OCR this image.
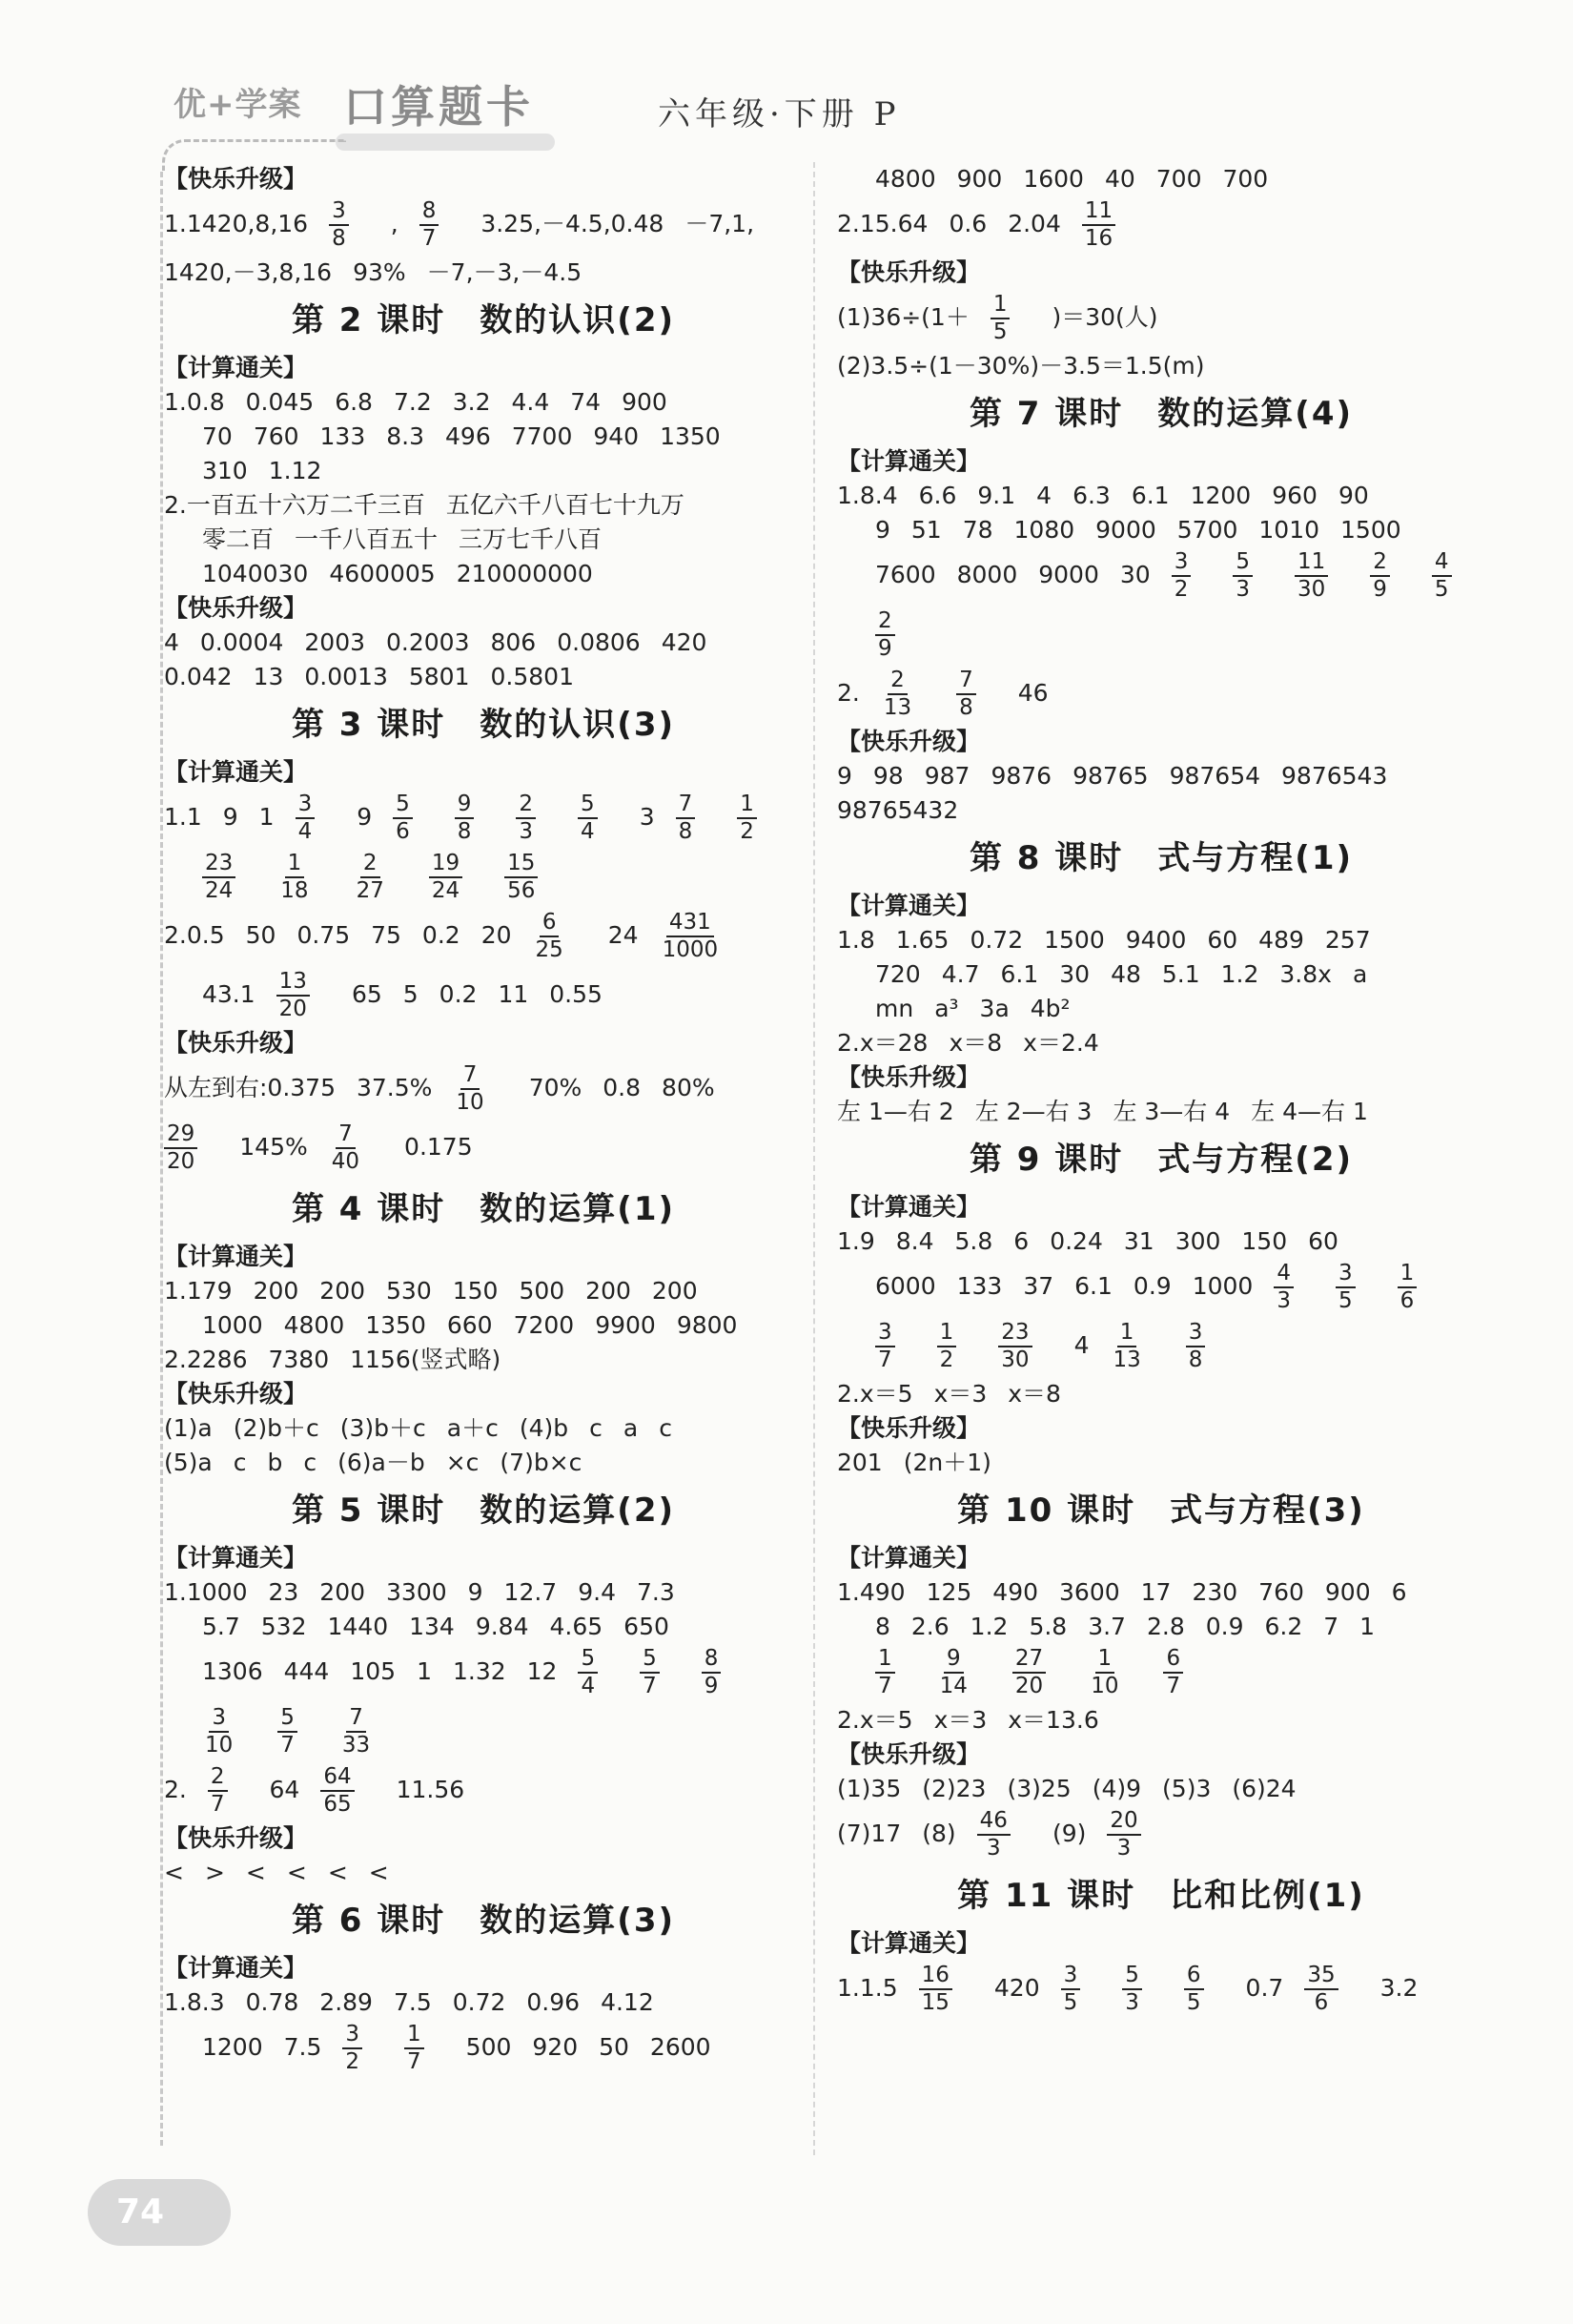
优+学案 口算题卡	六年级·下册 P
【快乐升级】
$1.1420,8,16 \frac{3}{8}$ , $\frac{8}{7} 3.25,-4.5,0.48 -7,1$,
1420,－3,8,16 93% －7,－3,－4.5
第 2 课时　数的认识(2)
【计算通关】
1.0.8 0.045 6.8 7.2 3.2 4.4 74 900
70 760 133 8.3 496 7700 940 1350
310 1.12
2.一百五十六万二千三百 五亿六千八百七十九万
零二百 一千八百五十 三万七千八百
1040030 4600005 210000000
【快乐升级】
4 0.0004 2003 0.2003 806 0.0806 420
0.042 13 0.0013 5801 0.5801
第 3 课时　数的认识(3)
【计算通关】
1.1 9 $1 \frac{3}{4} 9 \frac{5}{6} \frac{9}{8} \frac{2}{3} \frac{5}{4} 3 \frac{7}{8} \frac{1}{2}$
$\frac{23}{24} \frac{1}{18} \frac{2}{27} \frac{19}{24} \frac{15}{56}$
2.0.5 50 0.75 75 0.2 $20 \frac{6}{25} 24 \frac{431}{1000}$
$43.1 \frac{13}{20} 65$ 5 0.2 11 0.55
【快乐升级】
从左到右:0.375 $37.5\% \frac{7}{10} 70\%$ 0.8 80%
$\frac{29}{20} 145\% \frac{7}{40} 0.175$
第 4 课时　数的运算(1)
【计算通关】
1.179 200 200 530 150 500 200 200
1000 4800 1350 660 7200 9900 9800
2.2286 7380 1156(竖式略)
【快乐升级】
(1)a (2)b＋c (3)b＋c a＋c (4)b c a c
(5)a c b c (6)a－b ×c (7)b×c
第 5 课时　数的运算(2)
【计算通关】
1.1000 23 200 3300 9 12.7 9.4 7.3
5.7 532 1440 134 9.84 4.65 650
1306 444 105 1 1.32 $12 \frac{5}{4} \frac{5}{7} \frac{8}{9}$
$\frac{3}{10} \frac{5}{7} \frac{7}{33}$
2. $\frac{2}{7} 64 \frac{64}{65} 11.56$
【快乐升级】
< > < < < <
第 6 课时　数的运算(3)
【计算通关】
1.8.3 0.78 2.89 7.5 0.72 0.96 4.12
1200 $7.5 \frac{3}{2} \frac{1}{7} 500$ 920 50 2600
4800 900 1600 40 700 700
2.15.64 0.6 $2.04 \frac{11}{16}$
【快乐升级】
$(1)36\div(1+ \frac{1}{5} )=30$(人)
(2)3.5÷(1－30%)－3.5＝1.5(m)
第 7 课时　数的运算(4)
【计算通关】
1.8.4 6.6 9.1 4 6.3 6.1 1200 960 90
9 51 78 1080 9000 5700 1010 1500
7600 8000 9000 $30 \frac{3}{2} \frac{5}{3} \frac{11}{30} \frac{2}{9} \frac{4}{5}$
$\frac{2}{9}$
2. $\frac{2}{13} \frac{7}{8} 46$
【快乐升级】
9 98 987 9876 98765 987654 9876543
98765432
第 8 课时　式与方程(1)
【计算通关】
1.8 1.65 0.72 1500 9400 60 489 257
720 4.7 6.1 30 48 5.1 1.2 3.8x a
mn a³ 3a 4b²
2.x＝28 x＝8 x＝2.4
【快乐升级】
左 1—右 2 左 2—右 3 左 3—右 4 左 4—右 1
第 9 课时　式与方程(2)
【计算通关】
1.9 8.4 5.8 6 0.24 31 300 150 60
6000 133 37 6.1 0.9 $1000 \frac{4}{3} \frac{3}{5} \frac{1}{6}$
$\frac{3}{7} \frac{1}{2} \frac{23}{30} 4 \frac{1}{13} \frac{3}{8}$
2.x＝5 x＝3 x＝8
【快乐升级】
201 (2n＋1)
第 10 课时　式与方程(3)
【计算通关】
1.490 125 490 3600 17 230 760 900 6
8 2.6 1.2 5.8 3.7 2.8 0.9 6.2 7 1
$\frac{1}{7} \frac{9}{14} \frac{27}{20} \frac{1}{10} \frac{6}{7}$
2.x＝5 x＝3 x＝13.6
【快乐升级】
(1)35 (2)23 (3)25 (4)9 (5)3 (6)24
(7)17 $(8) \frac{46}{3} (9) \frac{20}{3}$
第 11 课时　比和比例(1)
【计算通关】
$1.1.5 \frac{16}{15} 420 \frac{3}{5} \frac{5}{3} \frac{6}{5} 0.7 \frac{35}{6} 3.2$
74
